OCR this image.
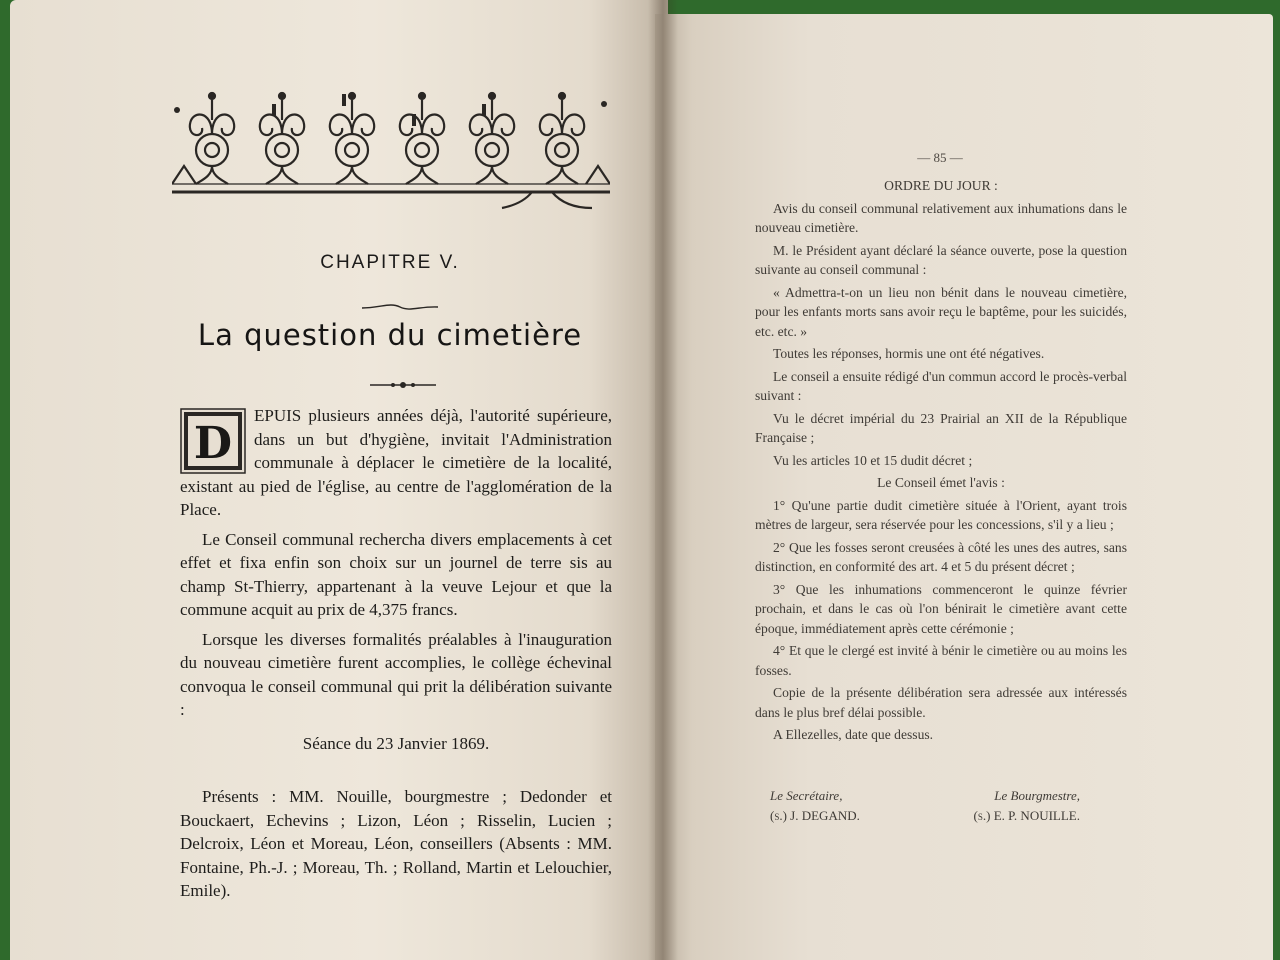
CHAPITRE V.
La question du cimetière

D
EPUIS plusieurs années déjà, l'autorité supérieure, dans un but d'hygiène, invitait l'Administration communale à déplacer le cimetière de la localité, existant au pied de l'église, au centre de l'agglomération de la Place.

Le Conseil communal rechercha divers emplacements à cet effet et fixa enfin son choix sur un journel de terre sis au champ St-Thierry, appartenant à la veuve Lejour et que la commune acquit au prix de 4,375 francs.

Lorsque les diverses formalités préalables à l'inauguration du nouveau cimetière furent accomplies, le collège échevinal convoqua le conseil communal qui prit la délibération suivante :

Séance du 23 Janvier 1869.

Présents : MM. Nouille, bourgmestre ; Dedonder et Bouckaert, Echevins ; Lizon, Léon ; Risselin, Lucien ; Delcroix, Léon et Moreau, Léon, conseillers (Absents : MM. Fontaine, Ph.-J. ; Moreau, Th. ; Rolland, Martin et Lelouchier, Emile).

— 85 —

ORDRE DU JOUR :

Avis du conseil communal relativement aux inhumations dans le nouveau cimetière.

M. le Président ayant déclaré la séance ouverte, pose la question suivante au conseil communal :

« Admettra-t-on un lieu non bénit dans le nouveau cimetière, pour les enfants morts sans avoir reçu le baptême, pour les suicidés, etc. etc. »

Toutes les réponses, hormis une ont été négatives.

Le conseil a ensuite rédigé d'un commun accord le procès-verbal suivant :

Vu le décret impérial du 23 Prairial an XII de la République Française ;

Vu les articles 10 et 15 dudit décret ;

Le Conseil émet l'avis :

1° Qu'une partie dudit cimetière située à l'Orient, ayant trois mètres de largeur, sera réservée pour les concessions, s'il y a lieu ;

2° Que les fosses seront creusées à côté les unes des autres, sans distinction, en conformité des art. 4 et 5 du présent décret ;

3° Que les inhumations commenceront le quinze février prochain, et dans le cas où l'on bénirait le cimetière avant cette époque, immédiatement après cette cérémonie ;

4° Et que le clergé est invité à bénir le cimetière ou au moins les fosses.

Copie de la présente délibération sera adressée aux intéressés dans le plus bref délai possible.

A Ellezelles, date que dessus.

Le Secrétaire,
(s.) J. DEGAND.
Le Bourgmestre,
(s.) E. P. NOUILLE.
